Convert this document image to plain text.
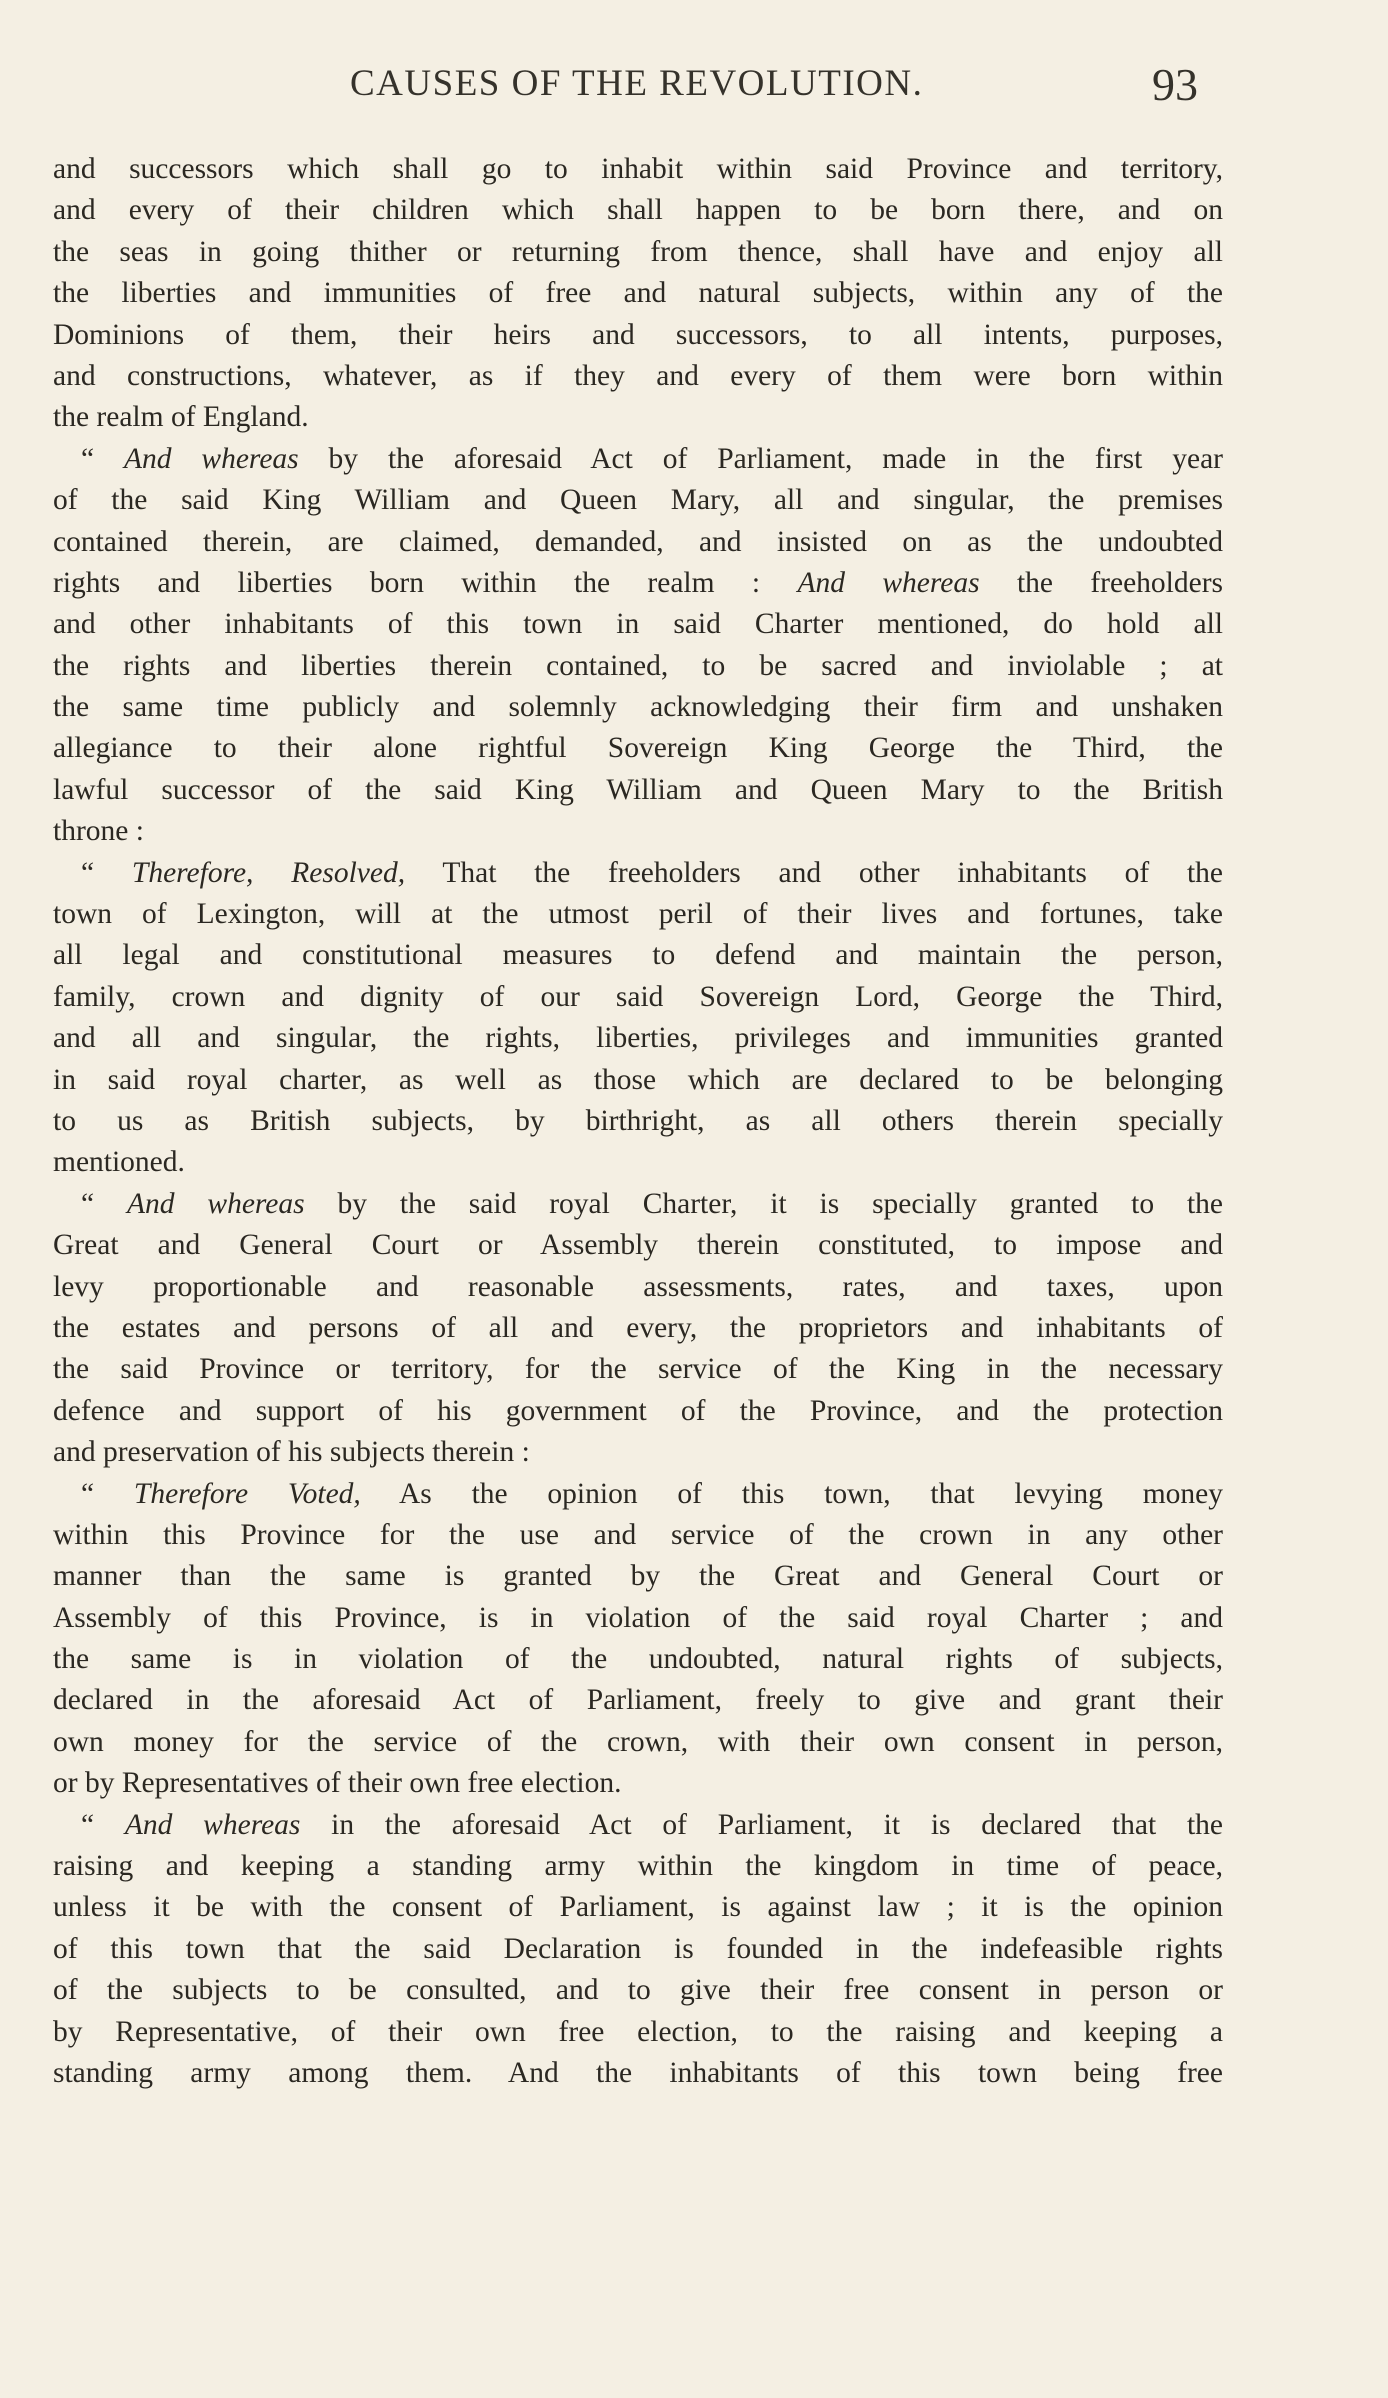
CAUSES OF THE REVOLUTION.	93
and successors which shall go to inhabit within said Province and territory,
and every of their children which shall happen to be born there, and on
the seas in going thither or returning from thence, shall have and enjoy all
the liberties and immunities of free and natural subjects, within any of the
Dominions of them, their heirs and successors, to all intents, purposes,
and constructions, whatever, as if they and every of them were born within
the realm of England.
“ And whereas by the aforesaid Act of Parliament, made in the first year
of the said King William and Queen Mary, all and singular, the premises
contained therein, are claimed, demanded, and insisted on as the undoubted
rights and liberties born within the realm : And whereas the freeholders
and other inhabitants of this town in said Charter mentioned, do hold all
the rights and liberties therein contained, to be sacred and inviolable ; at
the same time publicly and solemnly acknowledging their firm and unshaken
allegiance to their alone rightful Sovereign King George the Third, the
lawful successor of the said King William and Queen Mary to the British
throne :
“ Therefore, Resolved, That the freeholders and other inhabitants of the
town of Lexington, will at the utmost peril of their lives and fortunes, take
all legal and constitutional measures to defend and maintain the person,
family, crown and dignity of our said Sovereign Lord, George the Third,
and all and singular, the rights, liberties, privileges and immunities granted
in said royal charter, as well as those which are declared to be belonging
to us as British subjects, by birthright, as all others therein specially
mentioned.
“ And whereas by the said royal Charter, it is specially granted to the
Great and General Court or Assembly therein constituted, to impose and
levy proportionable and reasonable assessments, rates, and taxes, upon
the estates and persons of all and every, the proprietors and inhabitants of
the said Province or territory, for the service of the King in the necessary
defence and support of his government of the Province, and the protection
and preservation of his subjects therein :
“ Therefore Voted, As the opinion of this town, that levying money
within this Province for the use and service of the crown in any other
manner than the same is granted by the Great and General Court or
Assembly of this Province, is in violation of the said royal Charter ; and
the same is in violation of the undoubted, natural rights of subjects,
declared in the aforesaid Act of Parliament, freely to give and grant their
own money for the service of the crown, with their own consent in person,
or by Representatives of their own free election.
“ And whereas in the aforesaid Act of Parliament, it is declared that the
raising and keeping a standing army within the kingdom in time of peace,
unless it be with the consent of Parliament, is against law ; it is the opinion
of this town that the said Declaration is founded in the indefeasible rights
of the subjects to be consulted, and to give their free consent in person or
by Representative, of their own free election, to the raising and keeping a
standing army among them. And the inhabitants of this town being free
